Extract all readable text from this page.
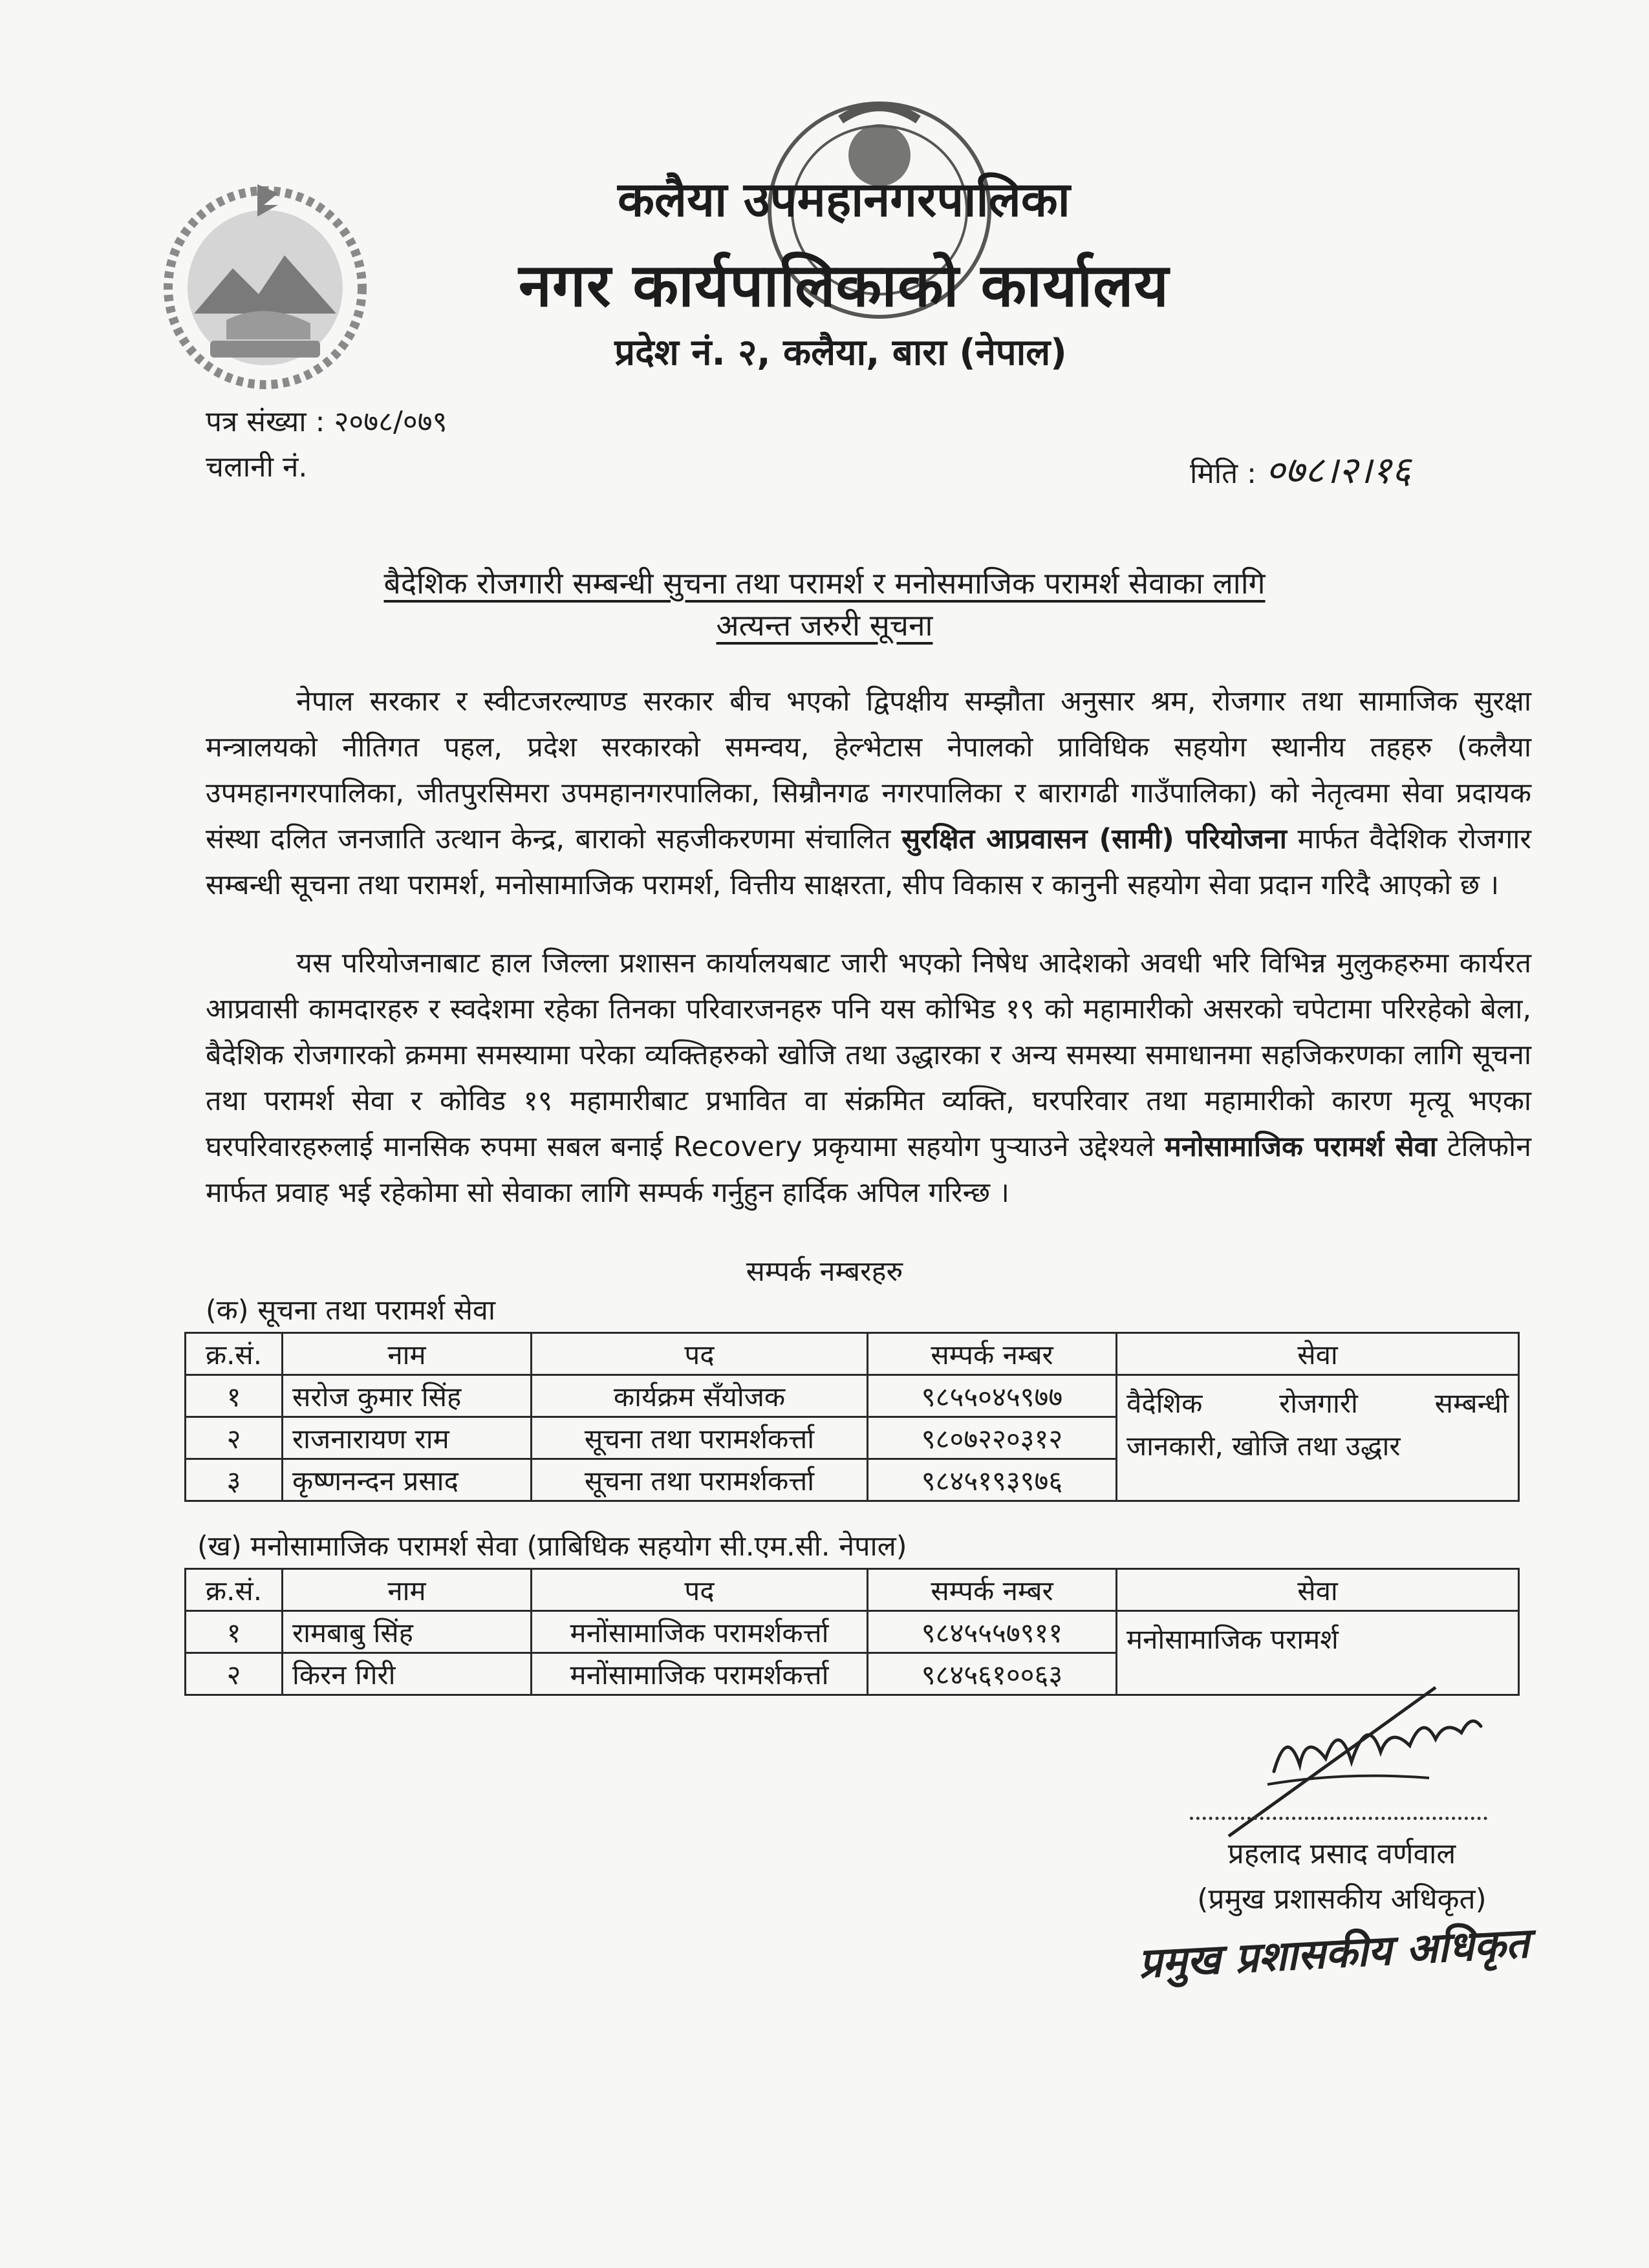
कलैया उपमहानगरपालिका
नगर कार्यपालिकाको कार्यालय
प्रदेश नं. २, कलैया, बारा (नेपाल)
पत्र संख्या : २०७८/०७९
चलानी नं.	मिति : ०७८।२।१६
बैदेशिक रोजगारी सम्बन्धी सुचना तथा परामर्श र मनोसमाजिक परामर्श सेवाका लागि
अत्यन्त जरुरी सूचना

नेपाल सरकार र स्वीटजरल्याण्ड सरकार बीच भएको द्विपक्षीय सम्झौता अनुसार श्रम, रोजगार तथा सामाजिक सुरक्षा मन्त्रालयको नीतिगत पहल, प्रदेश सरकारको समन्वय, हेल्भेटास नेपालको प्राविधिक सहयोग स्थानीय तहहरु (कलैया उपमहानगरपालिका, जीतपुरसिमरा उपमहानगरपालिका, सिम्रौनगढ नगरपालिका र बारागढी गाउँपालिका) को नेतृत्वमा सेवा प्रदायक संस्था दलित जनजाति उत्थान केन्द्र, बाराको सहजीकरणमा संचालित सुरक्षित आप्रवासन (सामी) परियोजना मार्फत वैदेशिक रोजगार सम्बन्धी सूचना तथा परामर्श, मनोसामाजिक परामर्श, वित्तीय साक्षरता, सीप विकास र कानुनी सहयोग सेवा प्रदान गरिदै आएको छ ।

यस परियोजनाबाट हाल जिल्ला प्रशासन कार्यालयबाट जारी भएको निषेध आदेशको अवधी भरि विभिन्न मुलुकहरुमा कार्यरत आप्रवासी कामदारहरु र स्वदेशमा रहेका तिनका परिवारजनहरु पनि यस कोभिड १९ को महामारीको असरको चपेटामा परिरहेको बेला, बैदेशिक रोजगारको क्रममा समस्यामा परेका व्यक्तिहरुको खोजि तथा उद्धारका र अन्य समस्या समाधानमा सहजिकरणका लागि सूचना तथा परामर्श सेवा र कोविड १९ महामारीबाट प्रभावित वा संक्रमित व्यक्ति, घरपरिवार तथा महामारीको कारण मृत्यू भएका घरपरिवारहरुलाई मानसिक रुपमा सबल बनाई Recovery प्रकृयामा सहयोग पुऱ्याउने उद्देश्यले मनोसामाजिक परामर्श सेवा टेलिफोन मार्फत प्रवाह भई रहेकोमा सो सेवाका लागि सम्पर्क गर्नुहुन हार्दिक अपिल गरिन्छ ।

सम्पर्क नम्बरहरु
(क) सूचना तथा परामर्श सेवा
क्र.सं.	नाम	पद	सम्पर्क नम्बर	सेवा
१	सरोज कुमार सिंह	कार्यक्रम सँयोजक	९८५५०४५९७७	वैदेशिक रोजगारी सम्बन्धी
जानकारी, खोजि तथा उद्धार
२	राजनारायण राम	सूचना तथा परामर्शकर्त्ता	९८०७२२०३१२	
३	कृष्णनन्दन प्रसाद	सूचना तथा परामर्शकर्त्ता	९८४५१९३९७६	
(ख) मनोसामाजिक परामर्श सेवा (प्राबिधिक सहयोग सी.एम.सी. नेपाल)
क्र.सं.	नाम	पद	सम्पर्क नम्बर	सेवा
१	रामबाबु सिंह	मनोंसामाजिक परामर्शकर्त्ता	९८४५५५७९११	मनोसामाजिक परामर्श
२	किरन गिरी	मनोंसामाजिक परामर्शकर्त्ता	९८४५६१००६३	
प्रहलाद प्रसाद वर्णवाल
(प्रमुख प्रशासकीय अधिकृत)
प्रमुख प्रशासकीय अधिकृत
